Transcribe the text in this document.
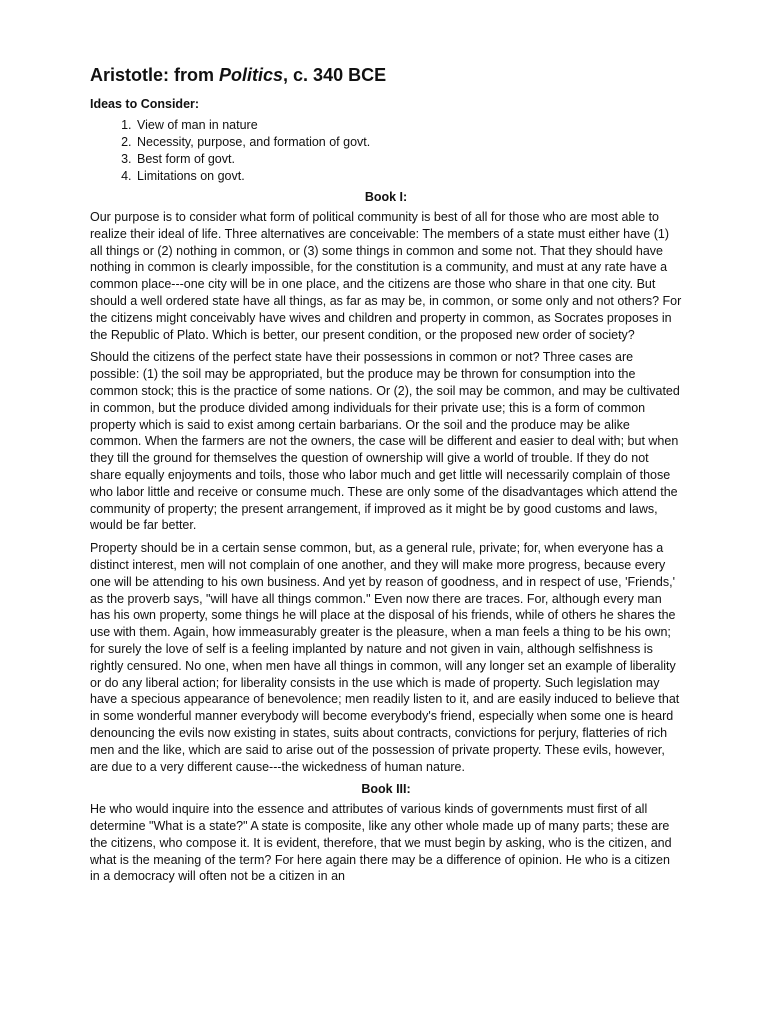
Aristotle: from Politics, c. 340 BCE
Ideas to Consider:
1. View of man in nature
2. Necessity, purpose, and formation of govt.
3. Best form of govt.
4. Limitations on govt.
Book I:

Our purpose is to consider what form of political community is best of all for those who are most able to realize their ideal of life. Three alternatives are conceivable: The members of a state must either have (1) all things or (2) nothing in common, or (3) some things in common and some not. That they should have nothing in common is clearly impossible, for the constitution is a community, and must at any rate have a common place---one city will be in one place, and the citizens are those who share in that one city. But should a well ordered state have all things, as far as may be, in common, or some only and not others? For the citizens might conceivably have wives and children and property in common, as Socrates proposes in the Republic of Plato. Which is better, our present condition, or the proposed new order of society?

Should the citizens of the perfect state have their possessions in common or not? Three cases are possible: (1) the soil may be appropriated, but the produce may be thrown for consumption into the common stock; this is the practice of some nations. Or (2), the soil may be common, and may be cultivated in common, but the produce divided among individuals for their private use; this is a form of common property which is said to exist among certain barbarians. Or the soil and the produce may be alike common. When the farmers are not the owners, the case will be different and easier to deal with; but when they till the ground for themselves the question of ownership will give a world of trouble. If they do not share equally enjoyments and toils, those who labor much and get little will necessarily complain of those who labor little and receive or consume much. These are only some of the disadvantages which attend the community of property; the present arrangement, if improved as it might be by good customs and laws, would be far better.

Property should be in a certain sense common, but, as a general rule, private; for, when everyone has a distinct interest, men will not complain of one another, and they will make more progress, because every one will be attending to his own business. And yet by reason of goodness, and in respect of use, 'Friends,' as the proverb says, "will have all things common." Even now there are traces. For, although every man has his own property, some things he will place at the disposal of his friends, while of others he shares the use with them. Again, how immeasurably greater is the pleasure, when a man feels a thing to be his own; for surely the love of self is a feeling implanted by nature and not given in vain, although selfishness is rightly censured. No one, when men have all things in common, will any longer set an example of liberality or do any liberal action; for liberality consists in the use which is made of property. Such legislation may have a specious appearance of benevolence; men readily listen to it, and are easily induced to believe that in some wonderful manner everybody will become everybody's friend, especially when some one is heard denouncing the evils now existing in states, suits about contracts, convictions for perjury, flatteries of rich men and the like, which are said to arise out of the possession of private property. These evils, however, are due to a very different cause---the wickedness of human nature.

Book III:

He who would inquire into the essence and attributes of various kinds of governments must first of all determine "What is a state?" A state is composite, like any other whole made up of many parts; these are the citizens, who compose it. It is evident, therefore, that we must begin by asking, who is the citizen, and what is the meaning of the term? For here again there may be a difference of opinion. He who is a citizen in a democracy will often not be a citizen in an
